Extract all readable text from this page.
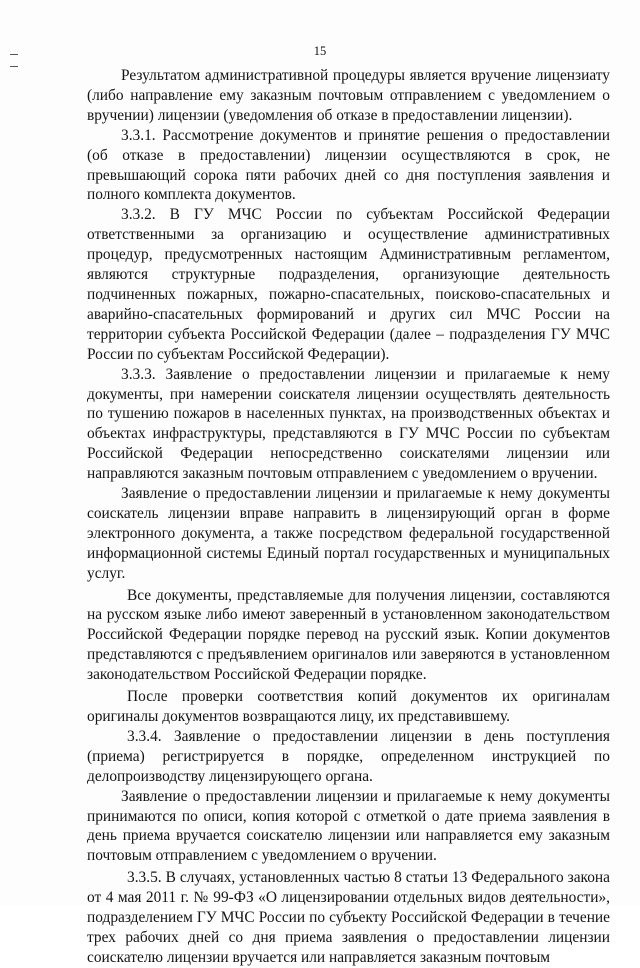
15

Результатом административной процедуры является вручение лицензиату (либо направление ему заказным почтовым отправлением с уведомлением о вручении) лицензии (уведомления об отказе в предоставлении лицензии).

3.3.1. Рассмотрение документов и принятие решения о предоставлении (об отказе в предоставлении) лицензии осуществляются в срок, не превышающий сорока пяти рабочих дней со дня поступления заявления и полного комплекта документов.

3.3.2. В ГУ МЧС России по субъектам Российской Федерации ответственными за организацию и осуществление административных процедур, предусмотренных настоящим Административным регламентом, являются структурные подразделения, организующие деятельность подчиненных пожарных, пожарно-спасательных, поисково-спасательных и аварийно-спасательных формирований и других сил МЧС России на территории субъекта Российской Федерации (далее – подразделения ГУ МЧС России по субъектам Российской Федерации).

3.3.3. Заявление о предоставлении лицензии и прилагаемые к нему документы, при намерении соискателя лицензии осуществлять деятельность по тушению пожаров в населенных пунктах, на производственных объектах и объектах инфраструктуры, представляются в ГУ МЧС России по субъектам Российской Федерации непосредственно соискателями лицензии или направляются заказным почтовым отправлением с уведомлением о вручении.

Заявление о предоставлении лицензии и прилагаемые к нему документы соискатель лицензии вправе направить в лицензирующий орган в форме электронного документа, а также посредством федеральной государственной информационной системы Единый портал государственных и муниципальных услуг.

Все документы, представляемые для получения лицензии, составляются на русском языке либо имеют заверенный в установленном законодательством Российской Федерации порядке перевод на русский язык. Копии документов представляются с предъявлением оригиналов или заверяются в установленном законодательством Российской Федерации порядке.

После проверки соответствия копий документов их оригиналам оригиналы документов возвращаются лицу, их представившему.

3.3.4. Заявление о предоставлении лицензии в день поступления (приема) регистрируется в порядке, определенном инструкцией по делопроизводству лицензирующего органа.

Заявление о предоставлении лицензии и прилагаемые к нему документы принимаются по описи, копия которой с отметкой о дате приема заявления в день приема вручается соискателю лицензии или направляется ему заказным почтовым отправлением с уведомлением о вручении.

3.3.5. В случаях, установленных частью 8 статьи 13 Федерального закона от 4 мая 2011 г. № 99-ФЗ «О лицензировании отдельных видов деятельности», подразделением ГУ МЧС России по субъекту Российской Федерации в течение трех рабочих дней со дня приема заявления о предоставлении лицензии соискателю лицензии вручается или направляется заказным почтовым
